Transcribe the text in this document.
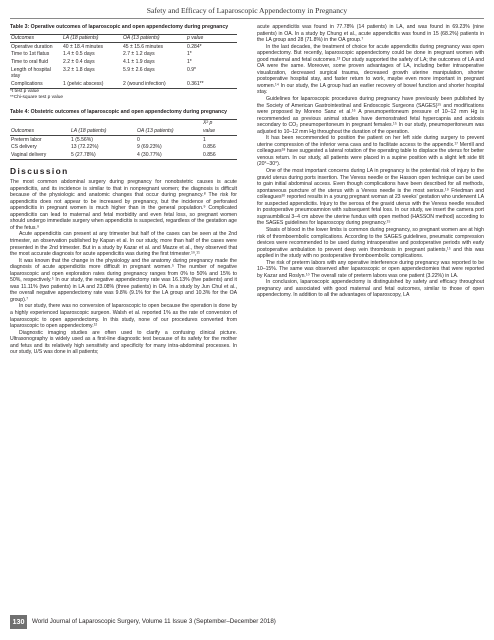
Safety and Efficacy of Laparoscopic Appendectomy in Pregnancy
Table 3: Operative outcomes of laparoscopic and open appendectomy during pregnancy
Outcomes	LA (18 patients)	OA (13 patients)	p value
Operative duration	40 ± 18.4 minutes	45 ± 15.6 minutes	0.284*
Time to 1st flatus	1.4 ± 0.5 days	2.7 ± 1.2 days	1*
Time to oral fluid	2.2 ± 0.4 days	4.1 ± 1.9 days	1*
Length of hospital stay	3.2 ± 1.8 days	5.9 ± 2.6 days	0.9*
Complications	1 (pelvic abscess)	2 (wound infection)	0.361**
*t test p value
**Chi-square test p value
Table 4: Obstetric outcomes of laparoscopic and open appendectomy during pregnancy
			X² p
Outcomes	LA (18 patients)	OA (13 patients)	value
Preterm labor	1 (5.56%)	0	1
CS delivery	13 (72.22%)	9 (69.23%)	0.856
Vaginal delivery	5 (27.78%)	4 (30.77%)	0.856
Discussion

The most common abdominal surgery during pregnancy for nonobstetric causes is acute appendicitis, and its incidence is similar to that in nonpregnant women; the diagnosis is difficult because of the physiologic and anatomic changes that occur during pregnancy.⁸ The risk for appendicitis does not appear to be increased by pregnancy, but the incidence of perforated appendicitis in pregnant women is much higher than in the general population.⁹ Complicated appendicitis can lead to maternal and fetal morbidity and even fetal loss, so pregnant women should undergo immediate surgery when appendicitis is suspected, regardless of the gestation age of the fetus.⁹

Acute appendicitis can present at any trimester but half of the cases can be seen at the 2nd trimester, an observation published by Kapan et al. In our study, more than half of the cases were presented in the 2nd trimester. But in a study by Kazar et al. and Mazze et al., they observed that the most accurate diagnosis for acute appendicitis was during the first trimester.¹⁰,¹¹

It was known that the change in the physiology and the anatomy during pregnancy made the diagnosis of acute appendicitis more difficult in pregnant women.⁵ The number of negative laparoscopic and open exploration rates during pregnancy ranges from 0% to 50% and 15% to 50%, respectively.⁵ In our study, the negative appendectomy rate was 16.13% (five patients) and it was 11.11% (two patients) in LA and 23.08% (three patients) in OA. In a study by Jun Chul et al., the overall negative appendectomy rate was 9.8% (9.1% for the LA group and 10.3% for the OA group).⁷

In our study, there was no conversion of laparoscopic to open because the operation is done by a highly experienced laparoscopic surgeon. Walsh et al. reported 1% as the rate of conversion of laparoscopic to open appendectomy. In this study, none of our procedures converted from laparoscopic to open appendectomy.¹²

Diagnostic imaging studies are often used to clarify a confusing clinical picture. Ultrasonography is widely used as a first-line diagnostic test because of its safety for the mother and fetus and its relatively high sensitivity and specificity for many intra-abdominal processes. In our study, U/S was done in all patients;

acute appendicitis was found in 77.78% (14 patients) in LA, and was found in 69.23% (nine patients) in OA. In a study by Chung et al., acute appendicitis was found in 15 (68.2%) patients in the LA group and 28 (71.8%) in the OA group.⁷

In the last decades, the treatment of choice for acute appendicitis during pregnancy was open appendectomy. But recently, laparoscopic appendectomy could be done in pregnant women with good maternal and fetal outcomes.¹³ Our study supported the safety of LA; the outcomes of LA and OA were the same. Moreover, some proven advantages of LA, including better intraoperative visualization, decreased surgical trauma, decreased growth uterine manipulation, shorter postoperative hospital stay, and faster return to work, maybe even more important in pregnant women.¹⁴ In our study, the LA group had an earlier recovery of bowel function and shorter hospital stay.

Guidelines for laparoscopic procedures during pregnancy have previously been published by the Society of American Gastrointestinal and Endoscopic Surgeons (SAGES)¹⁵ and modifications were proposed by Moreno Sanz et al.¹⁶ A pneumoperitoneum pressure of 10–12 mm Hg is recommended as previous animal studies have demonstrated fetal hypercapnia and acidosis secondary to CO₂ pneumoperitoneum in pregnant females.¹⁵ In our study, pneumoperitoneum was adjusted to 10–12 mm Hg throughout the duration of the operation.

It has been recommended to position the patient on her left side during surgery to prevent uterine compression of the inferior vena cava and to facilitate access to the appendix.¹⁷ Merrill and colleagues¹⁸ have suggested a lateral rotation of the operating table to displace the uterus for better venous return. In our study, all patients were placed in a supine position with a slight left side tilt (20°–30°).

One of the most important concerns during LA in pregnancy is the potential risk of injury to the gravid uterus during ports insertion. The Veress needle or the Hasson open technique can be used to gain initial abdominal access. Even though complications have been described for all methods, spontaneous puncture of the uterus with a Veress needle is the most serious.¹⁹ Friedman and colleagues²⁰ reported results in a young pregnant woman at 23 weeks' gestation who underwent LA for suspected appendicitis. Injury to the serosa of the gravid uterus with the Veress needle resulted in postoperative pneumoamnion with subsequent fetal loss. In our study, we insert the camera port supraumbilical 3–4 cm above the uterine fundus with open method (HASSON method) according to the SAGES guidelines for laparoscopy during pregnancy.¹⁵

Stasis of blood in the lower limbs is common during pregnancy, so pregnant women are at high risk of thromboembolic complications. According to the SAGES guidelines, pneumatic compression devices were recommended to be used during intraoperative and postoperative periods with early postoperative ambulation to prevent deep vein thrombosis in pregnant patients,¹⁵ and this was applied in the study with no postoperative thromboembolic complications.

The risk of preterm labors with any operative interference during pregnancy was reported to be 10–15%. The same was observed after laparoscopic or open appendectomies that were reported by Kazar and Roslyn.¹⁰ The overall rate of preterm labors was one patient (3.22%) in LA.

In conclusion, laparoscopic appendectomy is distinguished by safety and efficacy throughout pregnancy and associated with good maternal and fetal outcomes, similar to those of open appendectomy. In addition to all the advantages of laparoscopy, LA

130	World Journal of Laparoscopic Surgery, Volume 11 Issue 3 (September–December 2018)
